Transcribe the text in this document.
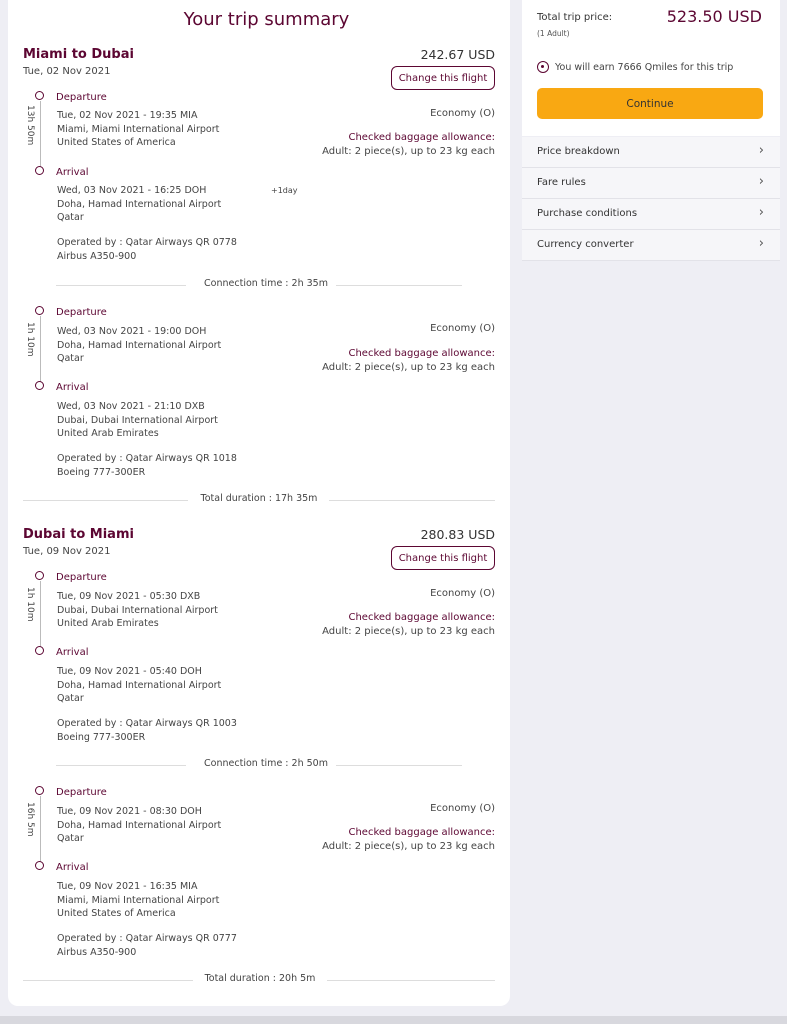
Your trip summary
Miami to Dubai
Tue, 02 Nov 2021
242.67 USD
Change this flight
13h 50m
Departure
Tue, 02 Nov 2021 - 19:35 MIA
Miami, Miami International Airport
United States of America
Arrival
Wed, 03 Nov 2021 - 16:25 DOH	+1day
Doha, Hamad International Airport
Qatar
Operated by : Qatar Airways QR 0778
Airbus A350-900
Economy (O)
Checked baggage allowance:
Adult: 2 piece(s), up to 23 kg each
Connection time : 2h 35m
1h 10m
Departure
Wed, 03 Nov 2021 - 19:00 DOH
Doha, Hamad International Airport
Qatar
Arrival
Wed, 03 Nov 2021 - 21:10 DXB
Dubai, Dubai International Airport
United Arab Emirates
Operated by : Qatar Airways QR 1018
Boeing 777-300ER
Economy (O)
Checked baggage allowance:
Adult: 2 piece(s), up to 23 kg each
Total duration : 17h 35m
Dubai to Miami
Tue, 09 Nov 2021
280.83 USD
Change this flight
1h 10m
Departure
Tue, 09 Nov 2021 - 05:30 DXB
Dubai, Dubai International Airport
United Arab Emirates
Arrival
Tue, 09 Nov 2021 - 05:40 DOH
Doha, Hamad International Airport
Qatar
Operated by : Qatar Airways QR 1003
Boeing 777-300ER
Economy (O)
Checked baggage allowance:
Adult: 2 piece(s), up to 23 kg each
Connection time : 2h 50m
16h 5m
Departure
Tue, 09 Nov 2021 - 08:30 DOH
Doha, Hamad International Airport
Qatar
Arrival
Tue, 09 Nov 2021 - 16:35 MIA
Miami, Miami International Airport
United States of America
Operated by : Qatar Airways QR 0777
Airbus A350-900
Economy (O)
Checked baggage allowance:
Adult: 2 piece(s), up to 23 kg each
Total duration : 20h 5m
Total trip price:
(1 Adult)
523.50 USD
You will earn 7666 Qmiles for this trip
Continue
Price breakdown	›
Fare rules	›
Purchase conditions	›
Currency converter	›
